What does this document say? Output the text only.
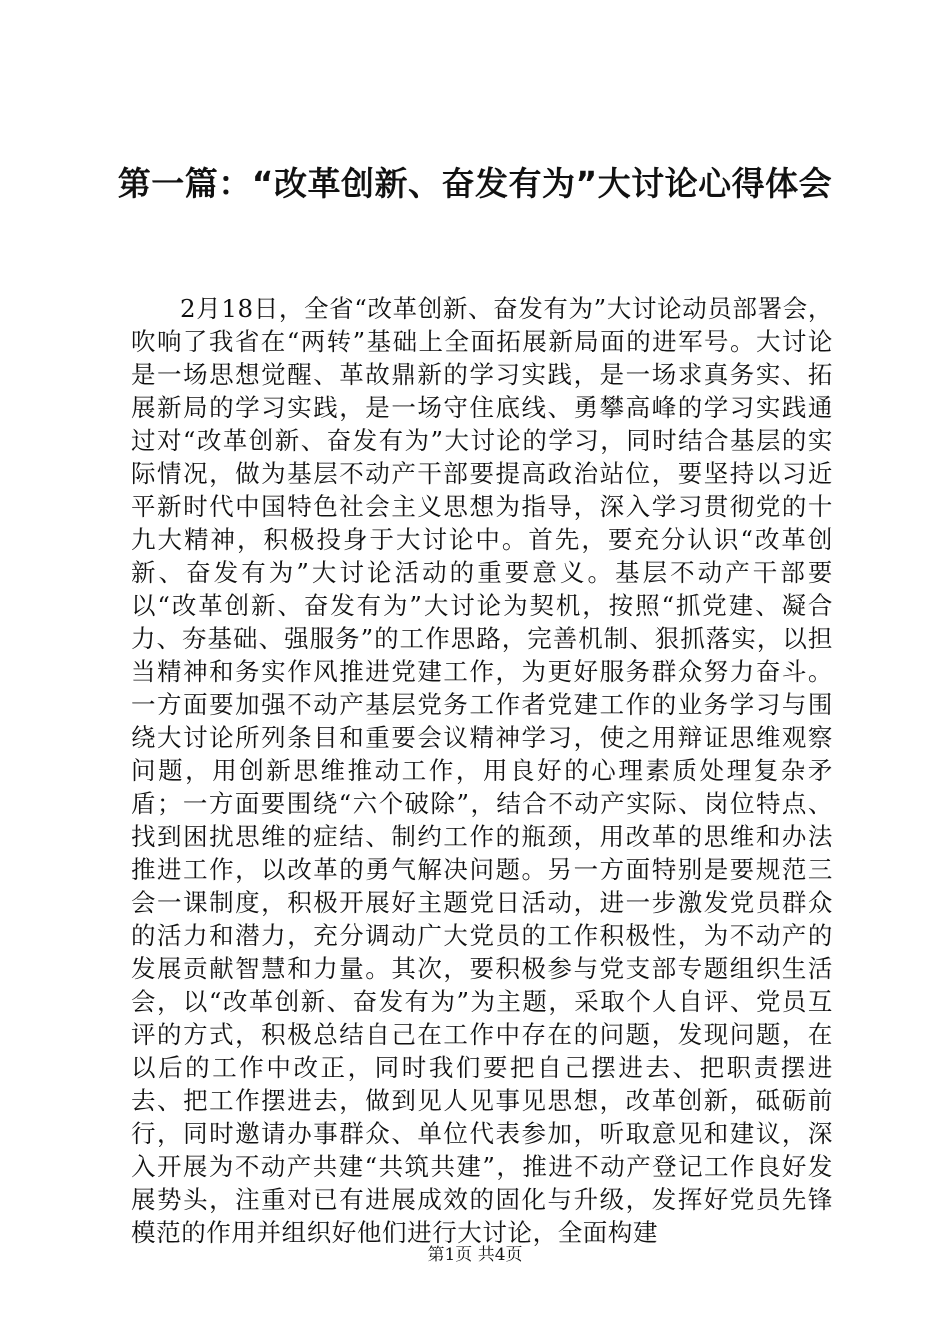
第一篇：“改革创新、奋发有为”大讨论心得体会

2月18日，全省“改革创新、奋发有为”大讨论动员部署会，吹响了我省在“两转”基础上全面拓展新局面的进军号。大讨论是一场思想觉醒、革故鼎新的学习实践，是一场求真务实、拓展新局的学习实践，是一场守住底线、勇攀高峰的学习实践通过对“改革创新、奋发有为”大讨论的学习，同时结合基层的实际情况，做为基层不动产干部要提高政治站位，要坚持以习近平新时代中国特色社会主义思想为指导，深入学习贯彻党的十九大精神，积极投身于大讨论中。首先，要充分认识“改革创新、奋发有为”大讨论活动的重要意义。基层不动产干部要以“改革创新、奋发有为”大讨论为契机，按照“抓党建、凝合力、夯基础、强服务”的工作思路，完善机制、狠抓落实，以担当精神和务实作风推进党建工作，为更好服务群众努力奋斗。一方面要加强不动产基层党务工作者党建工作的业务学习与围绕大讨论所列条目和重要会议精神学习，使之用辩证思维观察问题，用创新思维推动工作，用良好的心理素质处理复杂矛盾；一方面要围绕“六个破除”，结合不动产实际、岗位特点、找到困扰思维的症结、制约工作的瓶颈，用改革的思维和办法推进工作，以改革的勇气解决问题。另一方面特别是要规范三会一课制度，积极开展好主题党日活动，进一步激发党员群众的活力和潜力，充分调动广大党员的工作积极性，为不动产的发展贡献智慧和力量。其次，要积极参与党支部专题组织生活会，以“改革创新、奋发有为”为主题，采取个人自评、党员互评的方式，积极总结自己在工作中存在的问题，发现问题，在以后的工作中改正，同时我们要把自己摆进去、把职责摆进去、把工作摆进去，做到见人见事见思想，改革创新，砥砺前行，同时邀请办事群众、单位代表参加，听取意见和建议，深入开展为不动产共建“共筑共建”，推进不动产登记工作良好发展势头，注重对已有进展成效的固化与升级，发挥好党员先锋模范的作用并组织好他们进行大讨论，全面构建

第1页 共4页
